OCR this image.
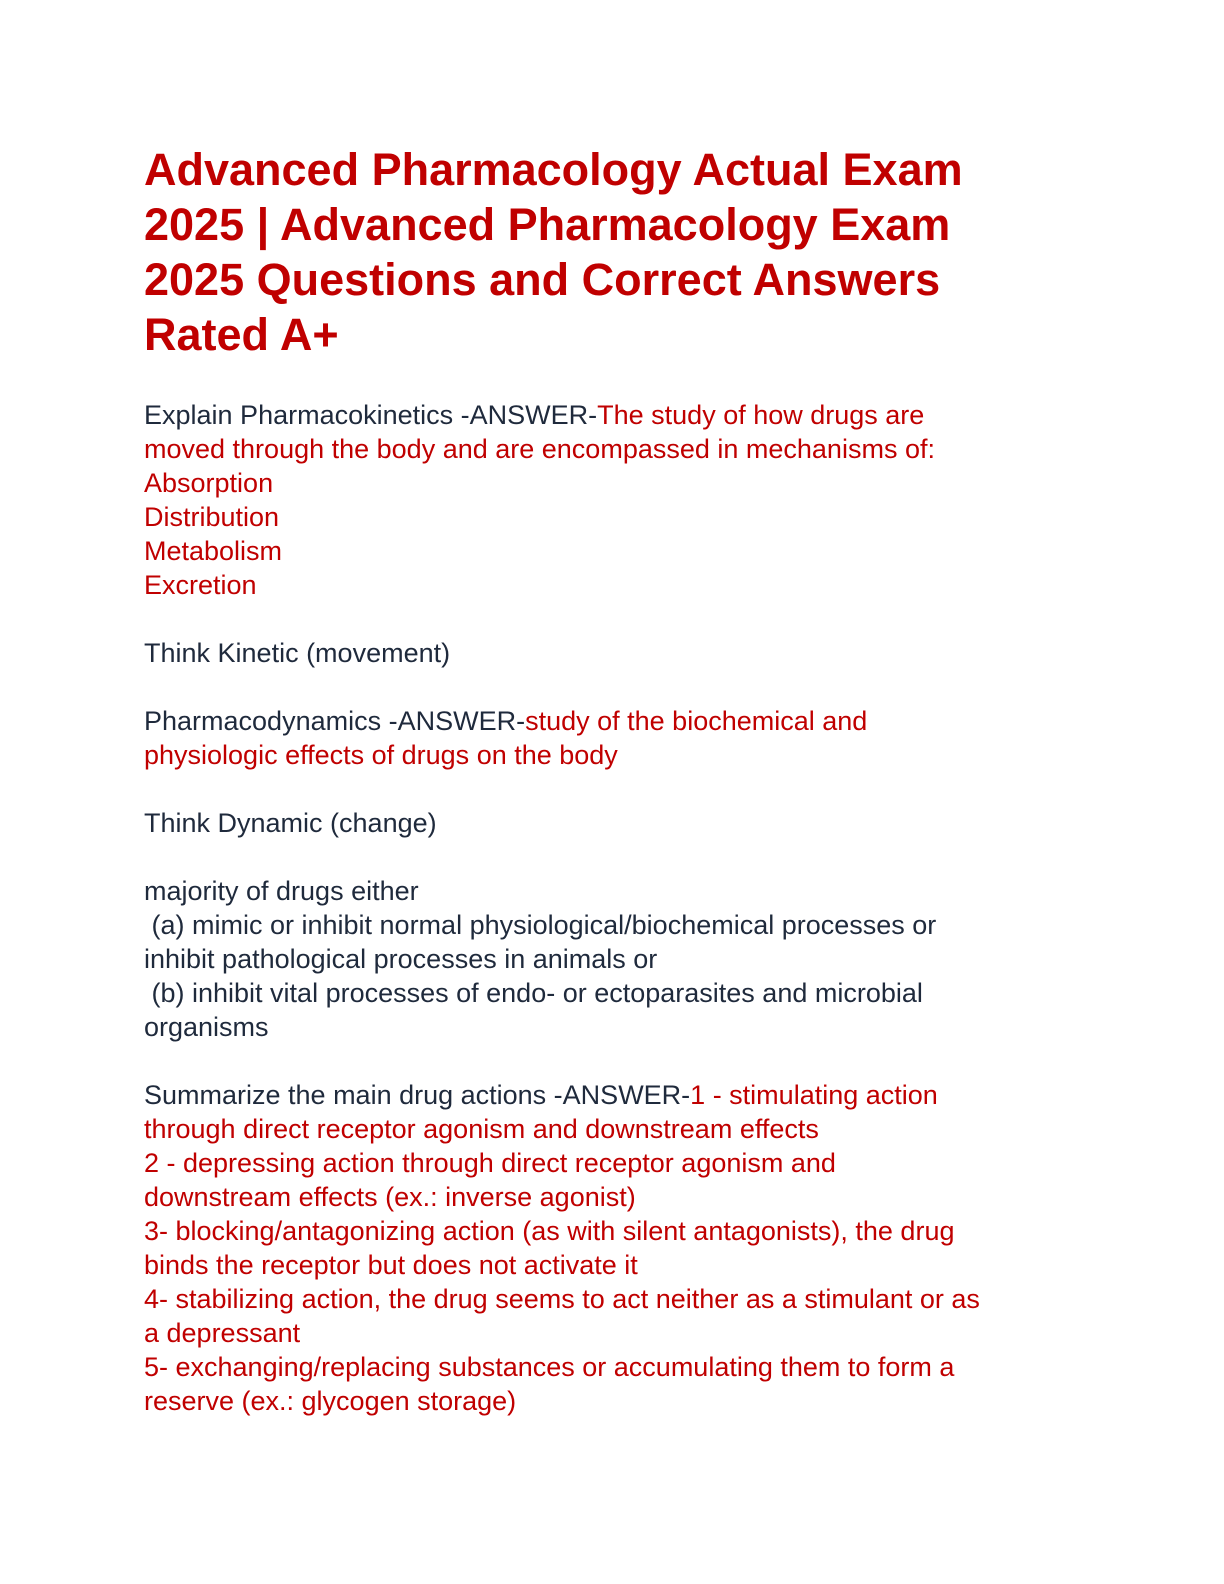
Advanced Pharmacology Actual Exam
2025 | Advanced Pharmacology Exam
2025 Questions and Correct Answers
Rated A+
Explain Pharmacokinetics -ANSWER-The study of how drugs are
moved through the body and are encompassed in mechanisms of:
Absorption
Distribution
Metabolism
Excretion
Think Kinetic (movement)
Pharmacodynamics -ANSWER-study of the biochemical and
physiologic effects of drugs on the body
Think Dynamic (change)
majority of drugs either
(a) mimic or inhibit normal physiological/biochemical processes or
inhibit pathological processes in animals or
(b) inhibit vital processes of endo- or ectoparasites and microbial
organisms
Summarize the main drug actions -ANSWER-1 - stimulating action
through direct receptor agonism and downstream effects
2 - depressing action through direct receptor agonism and
downstream effects (ex.: inverse agonist)
3- blocking/antagonizing action (as with silent antagonists), the drug
binds the receptor but does not activate it
4- stabilizing action, the drug seems to act neither as a stimulant or as
a depressant
5- exchanging/replacing substances or accumulating them to form a
reserve (ex.: glycogen storage)
